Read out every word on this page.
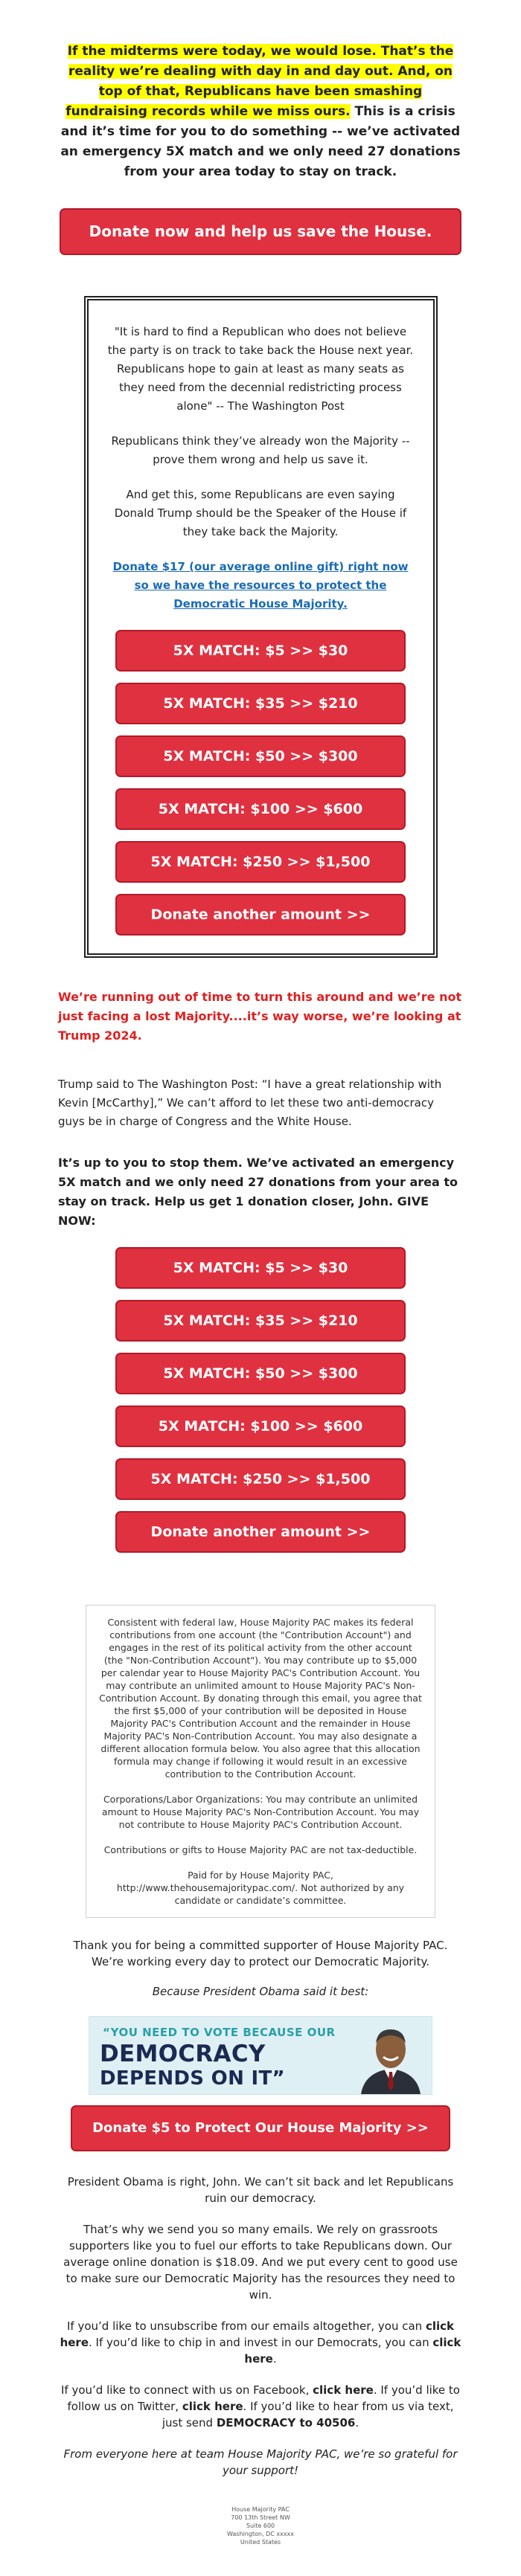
If the midterms were today, we would lose. That’s the reality we’re dealing with day in and day out. And, on top of that, Republicans have been smashing fundraising records while we miss ours. This is a crisis and it’s time for you to do something -- we’ve activated an emergency 5X match and we only need 27 donations from your area today to stay on track.

Donate now and help us save the House.

"It is hard to find a Republican who does not believe the party is on track to take back the House next year. Republicans hope to gain at least as many seats as they need from the decennial redistricting process alone" -- The Washington Post

Republicans think they’ve already won the Majority -- prove them wrong and help us save it.

And get this, some Republicans are even saying Donald Trump should be the Speaker of the House if they take back the Majority.

Donate $17 (our average online gift) right now so we have the resources to protect the Democratic House Majority.

5X MATCH: $5 >> $30
5X MATCH: $35 >> $210
5X MATCH: $50 >> $300
5X MATCH: $100 >> $600
5X MATCH: $250 >> $1,500
Donate another amount >>

We’re running out of time to turn this around and we’re not just facing a lost Majority....it’s way worse, we’re looking at Trump 2024.

Trump said to The Washington Post: “I have a great relationship with Kevin [McCarthy],” We can’t afford to let these two anti-democracy guys be in charge of Congress and the White House.

It’s up to you to stop them. We’ve activated an emergency 5X match and we only need 27 donations from your area to stay on track. Help us get 1 donation closer, John. GIVE NOW:

5X MATCH: $5 >> $30
5X MATCH: $35 >> $210
5X MATCH: $50 >> $300
5X MATCH: $100 >> $600
5X MATCH: $250 >> $1,500
Donate another amount >>

Consistent with federal law, House Majority PAC makes its federal contributions from one account (the "Contribution Account") and engages in the rest of its political activity from the other account (the "Non-Contribution Account"). You may contribute up to $5,000 per calendar year to House Majority PAC's Contribution Account. You may contribute an unlimited amount to House Majority PAC's Non-Contribution Account. By donating through this email, you agree that the first $5,000 of your contribution will be deposited in House Majority PAC's Contribution Account and the remainder in House Majority PAC's Non-Contribution Account. You may also designate a different allocation formula below. You also agree that this allocation formula may change if following it would result in an excessive contribution to the Contribution Account.

Corporations/Labor Organizations: You may contribute an unlimited amount to House Majority PAC's Non-Contribution Account. You may not contribute to House Majority PAC's Contribution Account.

Contributions or gifts to House Majority PAC are not tax-deductible.

Paid for by House Majority PAC, http://www.thehousemajoritypac.com/. Not authorized by any candidate or candidate’s committee.

Thank you for being a committed supporter of House Majority PAC. We’re working every day to protect our Democratic Majority.

Because President Obama said it best:

“YOU NEED TO VOTE BECAUSE OUR
DEMOCRACY
DEPENDS ON IT”
Donate $5 to Protect Our House Majority >>

President Obama is right, John. We can’t sit back and let Republicans ruin our democracy.

That’s why we send you so many emails. We rely on grassroots supporters like you to fuel our efforts to take Republicans down. Our average online donation is $18.09. And we put every cent to good use to make sure our Democratic Majority has the resources they need to win.

If you’d like to unsubscribe from our emails altogether, you can click here. If you’d like to chip in and invest in our Democrats, you can click here.

If you’d like to connect with us on Facebook, click here. If you’d like to follow us on Twitter, click here. If you’d like to hear from us via text, just send DEMOCRACY to 40506.

From everyone here at team House Majority PAC, we’re so grateful for your support!

House Majority PAC
700 13th Street NW
Suite 600
Washington, DC xxxxx
United States
